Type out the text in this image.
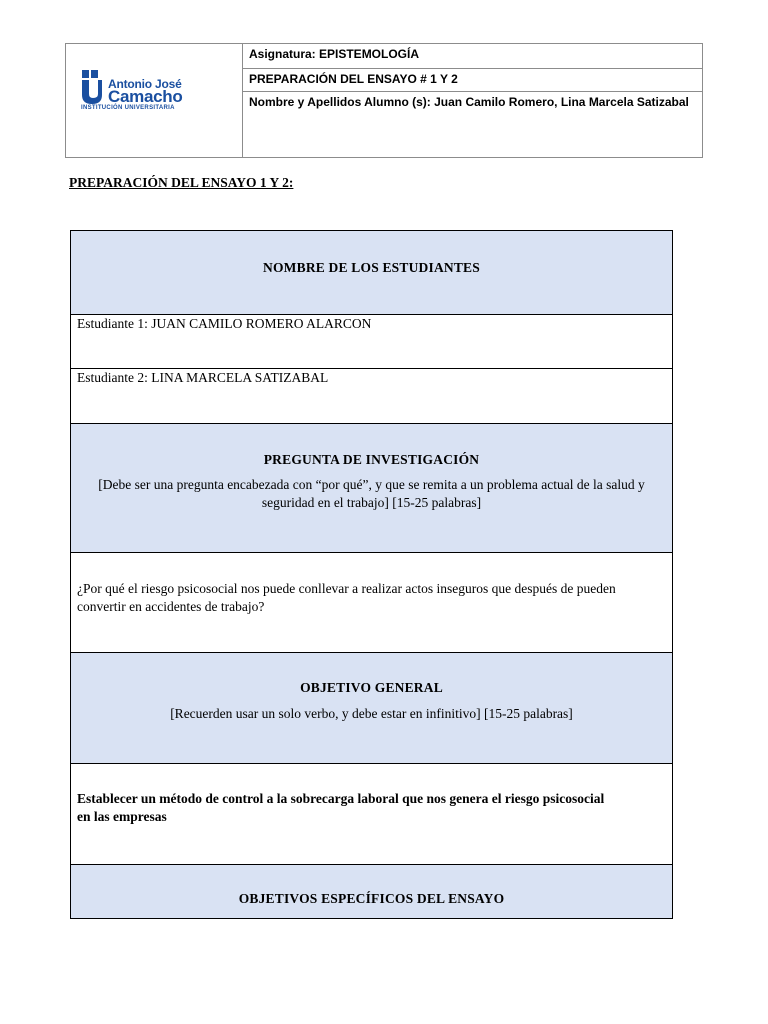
Antonio José
Camacho
INSTITUCIÓN UNIVERSITARIA
Asignatura: EPISTEMOLOGÍA
PREPARACIÓN DEL ENSAYO # 1 Y 2
Nombre y Apellidos Alumno (s): Juan Camilo Romero, Lina Marcela Satizabal
PREPARACIÓN DEL ENSAYO 1 Y 2:
NOMBRE DE LOS ESTUDIANTES
Estudiante 1: JUAN CAMILO ROMERO ALARCON
Estudiante 2: LINA MARCELA SATIZABAL
PREGUNTA DE INVESTIGACIÓN
[Debe ser una pregunta encabezada con “por qué”, y que se remita a un problema actual de la salud y seguridad en el trabajo] [15-25 palabras]
¿Por qué el riesgo psicosocial nos puede conllevar a realizar actos inseguros que después de pueden convertir en accidentes de trabajo?
OBJETIVO GENERAL
[Recuerden usar un solo verbo, y debe estar en infinitivo] [15-25 palabras]
Establecer un método de control a la sobrecarga laboral que nos genera el riesgo psicosocial en las empresas
OBJETIVOS ESPECÍFICOS DEL ENSAYO
